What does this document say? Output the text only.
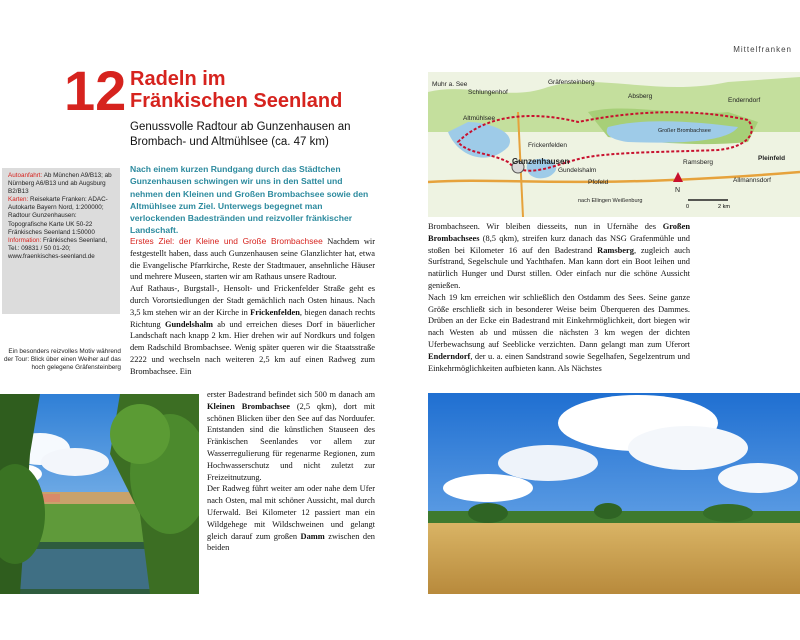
Mittelfranken
12 Radeln im
Fränkischen Seenland
Genussvolle Radtour ab Gunzenhausen an Brombach- und Altmühlsee (ca. 47 km)
Autoanfahrt: Ab München A9/B13; ab Nürnberg A6/B13 und ab Augsburg B2/B13
Karten: Reisekarte Franken: ADAC-Autokarte Bayern Nord, 1:200000; Radtour Gunzenhausen: Topografische Karte UK 50-22 Fränkisches Seenland 1:50000
Information: Fränkisches Seenland, Tel.: 09831 / 50 01-20; www.fraenkisches-seenland.de
Nach einem kurzen Rundgang durch das Städtchen Gunzenhausen schwingen wir uns in den Sattel und nehmen den Kleinen und Großen Brombachsee sowie den Altmühlsee zum Ziel. Unterwegs begegnet man verlockenden Badestränden und reizvoller fränkischer Landschaft.
Erstes Ziel: der Kleine und Große Brombachsee Nachdem wir festgestellt haben, dass auch Gunzenhausen seine Glanzlichter hat, etwa die Evangelische Pfarrkirche, Reste der Stadtmauer, ansehnliche Häuser und mehrere Museen, starten wir am Rathaus unsere Radtour.
Auf Rathaus-, Burgstall-, Hensolt- und Frickenfelder Straße geht es durch Vorortsiedlungen der Stadt gemächlich nach Osten hinaus. Nach 3,5 km stehen wir an der Kirche in Frickenfelden, biegen danach rechts Richtung Gundelshalm ab und erreichen dieses Dorf in bäuerlicher Landschaft nach knapp 2 km. Hier drehen wir auf Nordkurs und folgen dem Radschild Brombachsee. Wenig später queren wir die Staatsstraße 2222 und wechseln nach weiteren 2,5 km auf einen Radweg zum Brombachsee. Ein
erster Badestrand befindet sich 500 m danach am Kleinen Brombachsee (2,5 qkm), dort mit schönen Blicken über den See auf das Norduufer. Entstanden sind die künstlichen Stauseen des Fränkischen Seenlandes vor allem zur Wasserregulierung für regenarme Regionen, zum Hochwasserschutz und nicht zuletzt zur Freizeitnutzung.
Der Radweg führt weiter am oder nahe dem Ufer nach Osten, mal mit schöner Aussicht, mal durch Uferwald. Bei Kilometer 12 passiert man ein Wildgehege mit Wildschweinen und gelangt gleich darauf zum großen Damm zwischen den beiden
Ein besonders reizvolles Motiv während der Tour: Blick über einen Weiher auf das hoch gelegene Gräfensteinberg
Muhr a. See
Schlungenhof
Gräfensteinberg
Absberg
Enderndorf
Gunzenhausen
Großer Brombachsee
Pleinfeld
Ramsberg
Pfofeld
Gundelshalm
nach Ellingen Weißenburg
Allmannsdorf
Frickenfelden
Altmühlsee
N
0	2 km
Brombachseen. Wir bleiben diesseits, nun in Ufernähe des Großen Brombachsees (8,5 qkm), streifen kurz danach das NSG Grafenmühle und stoßen bei Kilometer 16 auf den Badestrand Ramsberg, zugleich auch Surfstrand, Segelschule und Yachthafen. Man kann dort ein Boot leihen und natürlich Hunger und Durst stillen. Oder einfach nur die schöne Aussicht genießen.
Nach 19 km erreichen wir schließlich den Ostdamm des Sees. Seine ganze Größe erschließt sich in besonderer Weise beim Überqueren des Dammes. Drüben an der Ecke ein Badestrand mit Einkehrmöglichkeit, dort biegen wir nach Westen ab und müssen die nächsten 3 km wegen der dichten Uferbewachsung auf Seeblicke verzichten. Dann gelangt man zum Uferort Enderndorf, der u. a. einen Sandstrand sowie Segelhafen, Segelzentrum und Einkehrmöglichkeiten aufbieten kann. Als Nächstes
